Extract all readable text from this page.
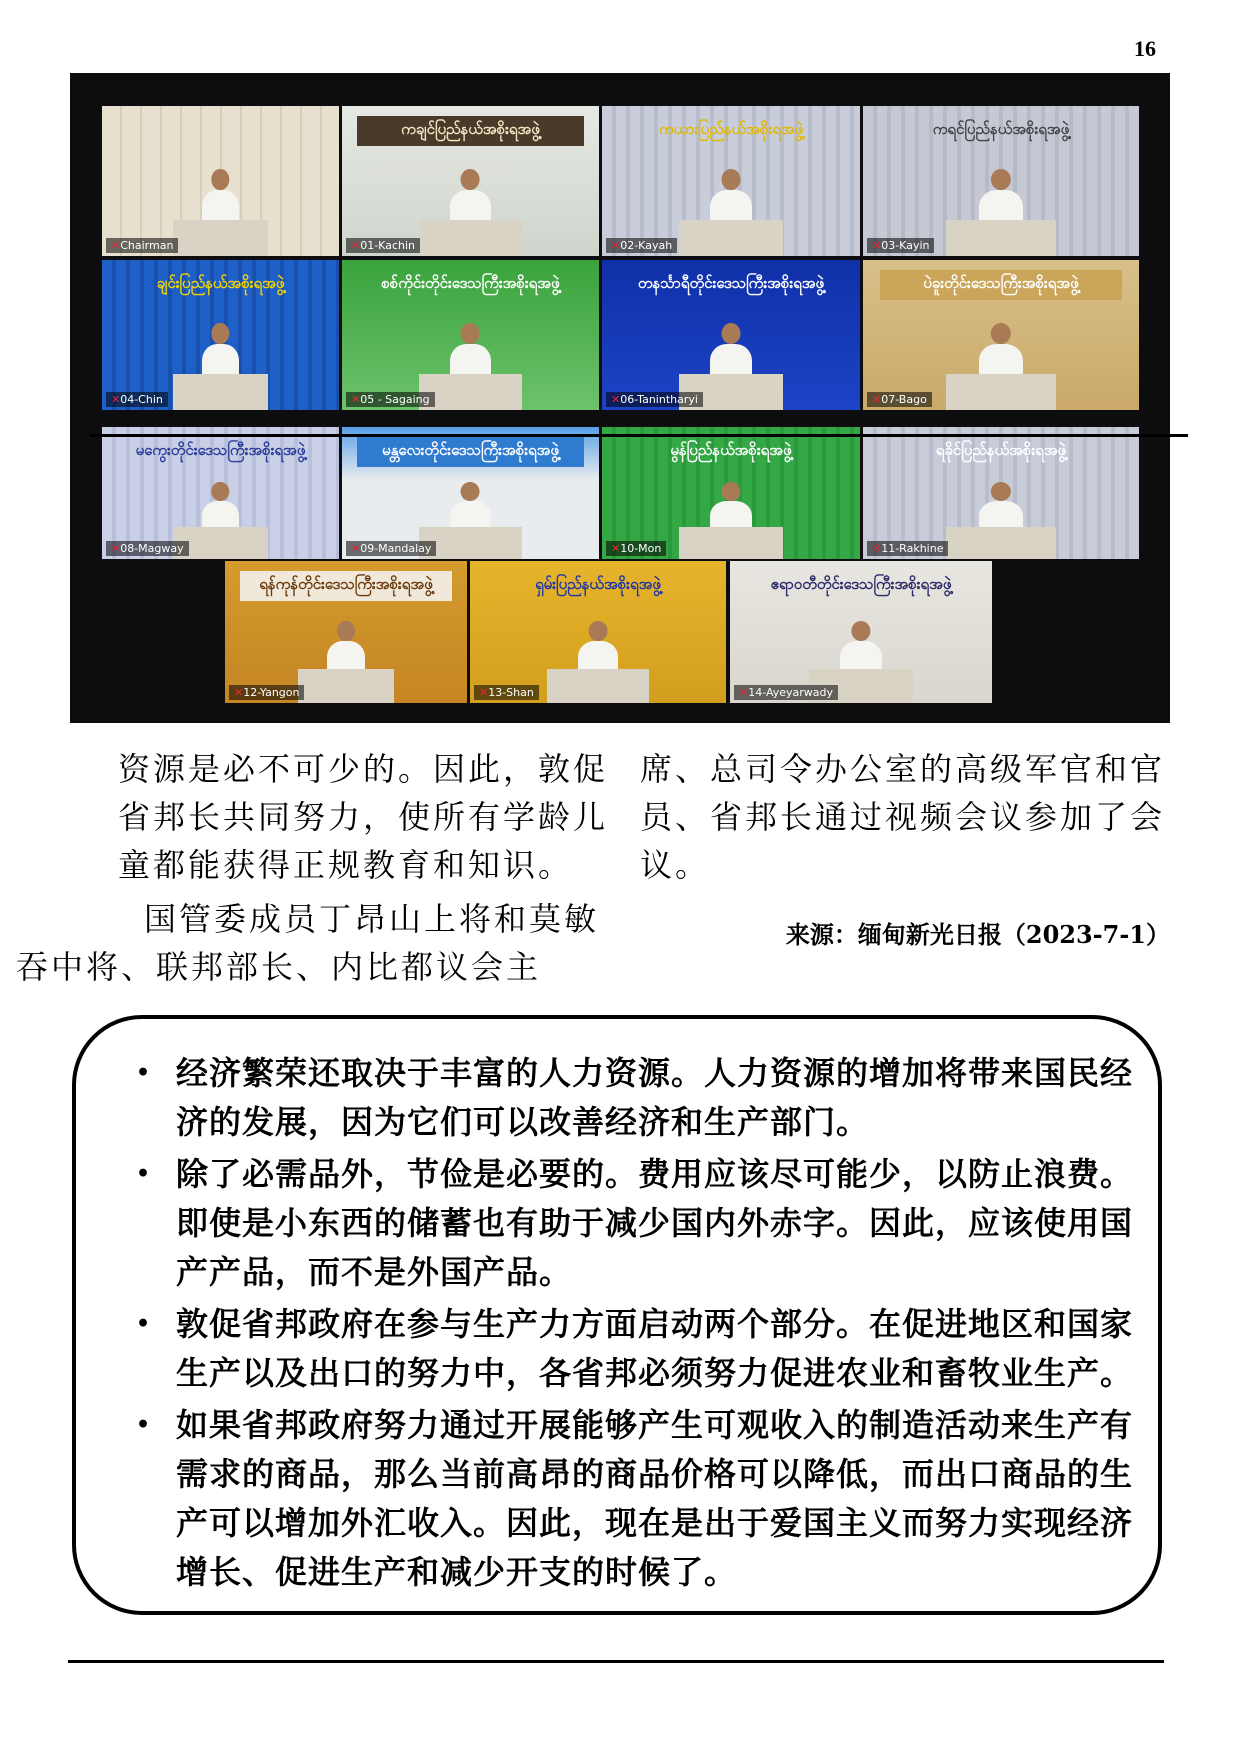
16
✕ Chairman
ကချင်ပြည်နယ်အစိုးရအဖွဲ့
✕ 01-Kachin
ကယားပြည်နယ်အစိုးရအဖွဲ့
✕ 02-Kayah
ကရင်ပြည်နယ်အစိုးရအဖွဲ့
✕ 03-Kayin
ချင်းပြည်နယ်အစိုးရအဖွဲ့
✕ 04-Chin
စစ်ကိုင်းတိုင်းဒေသကြီးအစိုးရအဖွဲ့
✕ 05 - Sagaing
တနင်္သာရီတိုင်းဒေသကြီးအစိုးရအဖွဲ့
✕ 06-Tanintharyi
ပဲခူးတိုင်းဒေသကြီးအစိုးရအဖွဲ့
✕ 07-Bago
မကွေးတိုင်းဒေသကြီးအစိုးရအဖွဲ့
✕ 08-Magway
မန္တလေးတိုင်းဒေသကြီးအစိုးရအဖွဲ့
✕ 09-Mandalay
မွန်ပြည်နယ်အစိုးရအဖွဲ့
✕ 10-Mon
ရခိုင်ပြည်နယ်အစိုးရအဖွဲ့
✕ 11-Rakhine
ရန်ကုန်တိုင်းဒေသကြီးအစိုးရအဖွဲ့
✕ 12-Yangon
ရှမ်းပြည်နယ်အစိုးရအဖွဲ့
✕ 13-Shan
ဧရာဝတီတိုင်းဒေသကြီးအစိုးရအဖွဲ့
✕ 14-Ayeyarwady

资源是必不可少的。因此，敦促
省邦长共同努力，使所有学龄儿
童都能获得正规教育和知识。

国管委成员丁昂山上将和莫敏
吞中将、联邦部长、内比都议会主

席、总司令办公室的高级军官和官
员、省邦长通过视频会议参加了会
议。

来源：缅甸新光日报（2023-7-1）
• 经济繁荣还取决于丰富的人力资源。人力资源的增加将带来国民经济的发展，因为它们可以改善经济和生产部门。
• 除了必需品外，节俭是必要的。费用应该尽可能少，以防止浪费。即使是小东西的储蓄也有助于减少国内外赤字。因此，应该使用国产产品，而不是外国产品。
• 敦促省邦政府在参与生产力方面启动两个部分。在促进地区和国家生产以及出口的努力中，各省邦必须努力促进农业和畜牧业生产。
• 如果省邦政府努力通过开展能够产生可观收入的制造活动来生产有需求的商品，那么当前高昂的商品价格可以降低，而出口商品的生产可以增加外汇收入。因此，现在是出于爱国主义而努力实现经济增长、促进生产和减少开支的时候了。
